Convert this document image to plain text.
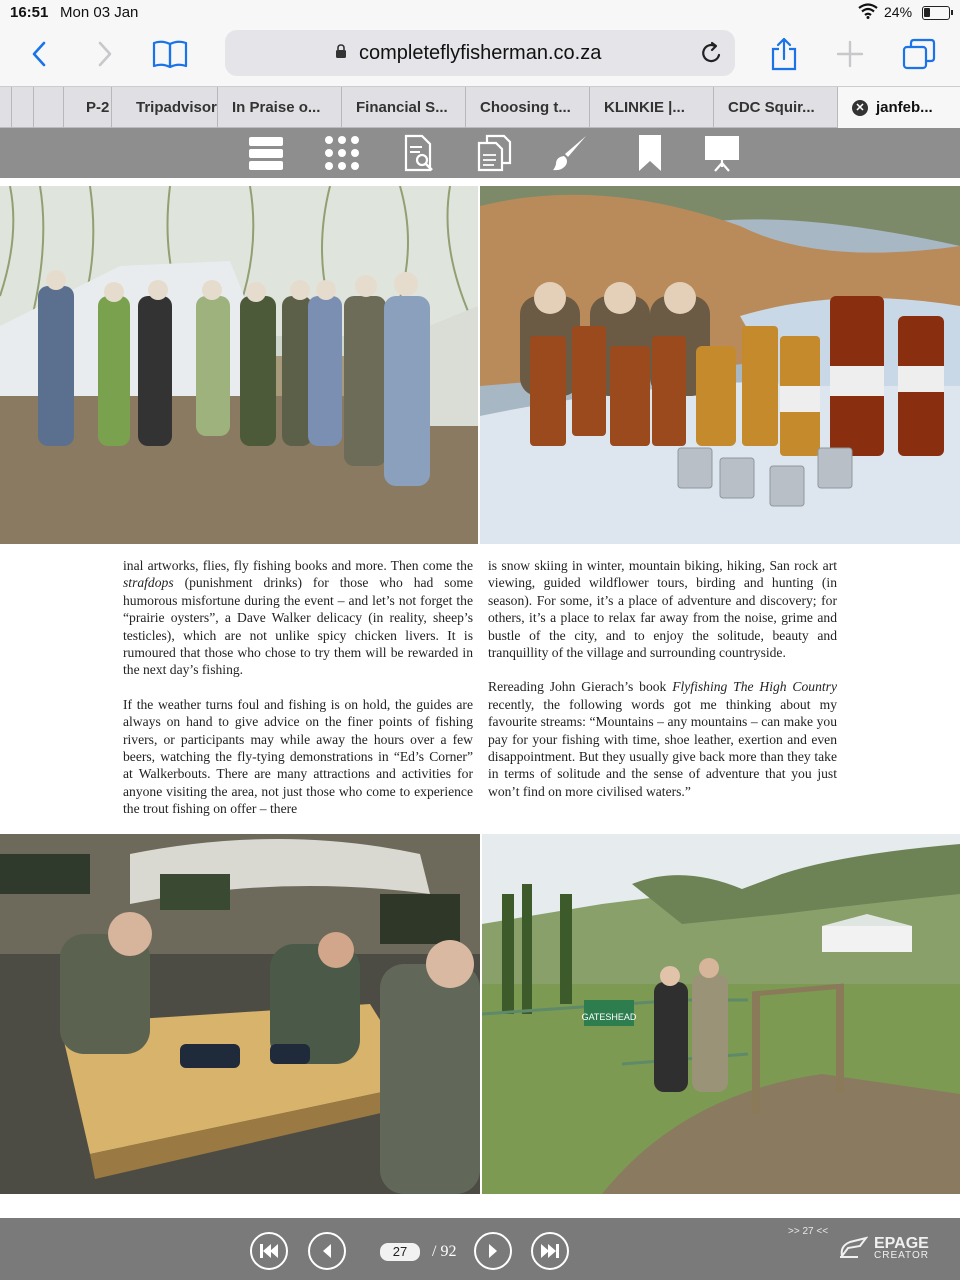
16:51 Mon 03 Jan	24%
completeflyfisherman.co.za
P-2 Tripadvisor In Praise o... Financial S... Choosing t... KLINKIE |...	CDC Squir...	✕ janfeb...

inal artworks, flies, fly fishing books and more. Then come the strafdops (punishment drinks) for those who had some humorous misfortune during the event – and let’s not forget the “prairie oysters”, a Dave Walker delicacy (in reality, sheep’s testicles), which are not unlike spicy chicken livers. It is rumoured that those who chose to try them will be rewarded in the next day’s fishing.

If the weather turns foul and fishing is on hold, the guides are always on hand to give advice on the finer points of fishing rivers, or participants may while away the hours over a few beers, watching the fly-tying demonstrations in “Ed’s Corner” at Walkerbouts. There are many attractions and activities for anyone visiting the area, not just those who come to experience the trout fishing on offer – there

is snow skiing in winter, mountain biking, hiking, San rock art viewing, guided wildflower tours, birding and hunting (in season). For some, it’s a place of adventure and discovery; for others, it’s a place to relax far away from the noise, grime and bustle of the city, and to enjoy the solitude, beauty and tranquillity of the village and surrounding countryside.

Rereading John Gierach’s book Flyfishing The High Country recently, the following words got me thinking about my favourite streams: “Mountains – any mountains – can make you pay for your fishing with time, shoe leather, exertion and even disappointment. But they usually give back more than they take in terms of solitude and the sense of adventure that you just won’t find on more civilised waters.”

GATESHEAD
27	/ 92
>> 27 <<
EPAGE
CREATOR
